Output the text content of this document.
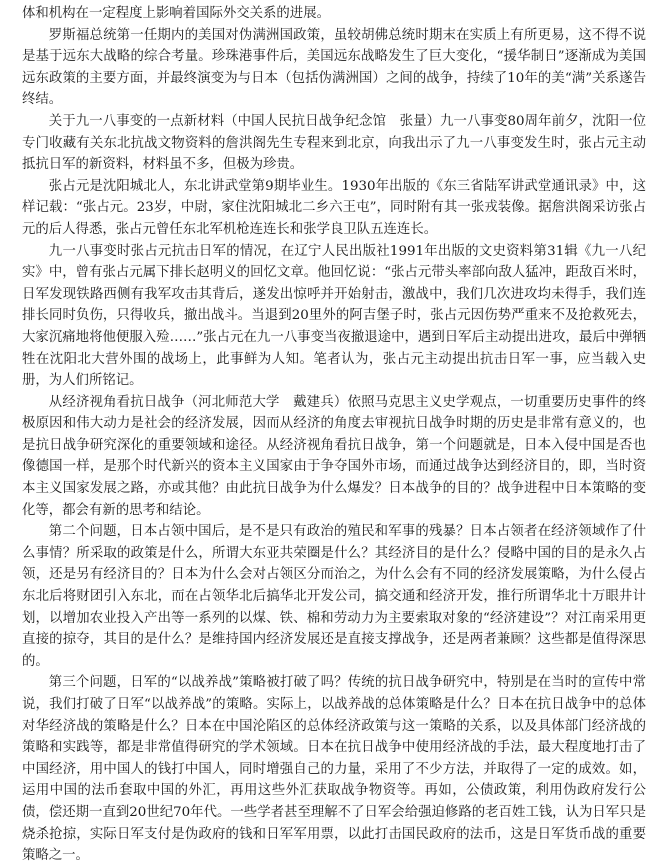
体和机构在一定程度上影响着国际外交关系的进展。

罗斯福总统第一任期内的美国对伪满洲国政策，虽较胡佛总统时期末在实质上有所更易，这不得不说是基于远东大战略的综合考量。珍珠港事件后，美国远东战略发生了巨大变化，“援华制日”逐渐成为美国远东政策的主要方面，并最终演变为与日本（包括伪满洲国）之间的战争，持续了10年的美“满”关系遂告终结。

关于九一八事变的一点新材料（中国人民抗日战争纪念馆　张量）九一八事变80周年前夕，沈阳一位专门收藏有关东北抗战文物资料的詹洪阁先生专程来到北京，向我出示了九一八事变发生时，张占元主动抵抗日军的新资料，材料虽不多，但极为珍贵。

张占元是沈阳城北人，东北讲武堂第9期毕业生。1930年出版的《东三省陆军讲武堂通讯录》中，这样记载：“张占元。23岁，中尉，家住沈阳城北二乡六王屯”，同时附有其一张戎装像。据詹洪阁采访张占元的后人得悉，张占元曾任东北军机枪连连长和张学良卫队五连连长。

九一八事变时张占元抗击日军的情况，在辽宁人民出版社1991年出版的文史资料第31辑《九一八纪实》中，曾有张占元属下排长赵明义的回忆文章。他回忆说：“张占元带头率部向敌人猛冲，距敌百米时，日军发现铁路西侧有我军攻击其背后，遂发出惊呼并开始射击，激战中，我们几次进攻均未得手，我们连排长同时负伤，只得收兵，撤出战斗。当退到20里外的阿吉堡子时，张占元因伤势严重来不及抢救死去，大家沉痛地将他便服入殓……”张占元在九一八事变当夜撤退途中，遇到日军后主动提出进攻，最后中弹牺牲在沈阳北大营外围的战场上，此事鲜为人知。笔者认为，张占元主动提出抗击日军一事，应当载入史册，为人们所铭记。

从经济视角看抗日战争（河北师范大学　戴建兵）依照马克思主义史学观点，一切重要历史事件的终极原因和伟大动力是社会的经济发展，因而从经济的角度去审视抗日战争时期的历史是非常有意义的，也是抗日战争研究深化的重要领域和途径。从经济视角看抗日战争，第一个问题就是，日本入侵中国是否也像德国一样，是那个时代新兴的资本主义国家由于争夺国外市场，而通过战争达到经济目的，即，当时资本主义国家发展之路，亦或其他？由此抗日战争为什么爆发？日本战争的目的？战争进程中日本策略的变化等，都会有新的思考和结论。

第二个问题，日本占领中国后，是不是只有政治的殖民和军事的残暴？日本占领者在经济领域作了什么事情？所采取的政策是什么，所谓大东亚共荣圈是什么？其经济目的是什么？侵略中国的目的是永久占领，还是另有经济目的？日本为什么会对占领区分而治之，为什么会有不同的经济发展策略，为什么侵占东北后将财团引入东北，而在占领华北后搞华北开发公司，搞交通和经济开发，推行所谓华北十万眼井计划，以增加农业投入产出等一系列的以煤、铁、棉和劳动力为主要索取对象的“经济建设”？对江南采用更直接的掠夺，其目的是什么？是维持国内经济发展还是直接支撑战争，还是两者兼顾？这些都是值得深思的。

第三个问题，日军的“以战养战”策略被打破了吗？传统的抗日战争研究中，特别是在当时的宣传中常说，我们打破了日军“以战养战”的策略。实际上，以战养战的总体策略是什么？日本在抗日战争中的总体对华经济战的策略是什么？日本在中国沦陷区的总体经济政策与这一策略的关系，以及具体部门经济战的策略和实践等，都是非常值得研究的学术领域。日本在抗日战争中使用经济战的手法，最大程度地打击了中国经济，用中国人的钱打中国人，同时增强自己的力量，采用了不少方法，并取得了一定的成效。如，运用中国的法币套取中国的外汇，再用这些外汇获取战争物资等。再如，公债政策，利用伪政府发行公债，偿还期一直到20世纪70年代。一些学者甚至理解不了日军会给强迫修路的老百姓工钱，认为日军只是烧杀抢掠，实际日军支付是伪政府的钱和日军军用票，以此打击国民政府的法币，这是日军货币战的重要策略之一。
